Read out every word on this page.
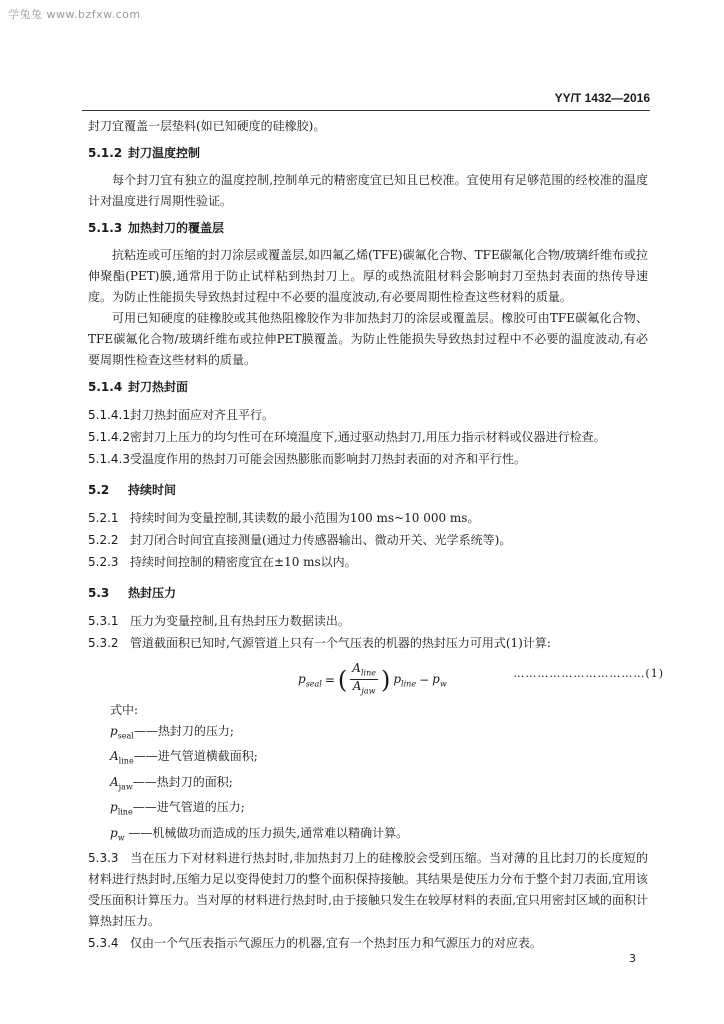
学兔兔 www.bzfxw.com
YY/T 1432—2016

封刀宜覆盖一层垫料(如已知硬度的硅橡胶)。

5.1.2 封刀温度控制

每个封刀宜有独立的温度控制,控制单元的精密度宜已知且已校准。宜使用有足够范围的经校准的温度计对温度进行周期性验证。

5.1.3 加热封刀的覆盖层

抗粘连或可压缩的封刀涂层或覆盖层,如四氟乙烯(TFE)碳氟化合物、TFE碳氟化合物/玻璃纤维布或拉伸聚酯(PET)膜,通常用于防止试样粘到热封刀上。厚的或热流阻材料会影响封刀至热封表面的热传导速度。为防止性能损失导致热封过程中不必要的温度波动,有必要周期性检查这些材料的质量。

可用已知硬度的硅橡胶或其他热阻橡胶作为非加热封刀的涂层或覆盖层。橡胶可由TFE碳氟化合物、TFE碳氟化合物/玻璃纤维布或拉伸PET膜覆盖。为防止性能损失导致热封过程中不必要的温度波动,有必要周期性检查这些材料的质量。

5.1.4 封刀热封面

5.1.4.1封刀热封面应对齐且平行。

5.1.4.2密封刀上压力的均匀性可在环境温度下,通过驱动热封刀,用压力指示材料或仪器进行检查。

5.1.4.3受温度作用的热封刀可能会因热膨胀而影响封刀热封表面的对齐和平行性。

5.2 持续时间

5.2.1 持续时间为变量控制,其读数的最小范围为100 ms~10 000 ms。

5.2.2 封刀闭合时间宜直接测量(通过力传感器输出、微动开关、光学系统等)。

5.2.3 持续时间控制的精密度宜在±10 ms以内。

5.3 热封压力

5.3.1 压力为变量控制,且有热封压力数据读出。

5.3.2 管道截面积已知时,气源管道上只有一个气压表的机器的热封压力可用式(1)计算:

$p_{seal}$ = ( $\frac{A_{line}}{A_{jaw}}$ ) $p_{line} - p_w$
……………………………(1)

式中:

$p_{seal}——$热封刀的压力;

$A_{line}——$进气管道横截面积;

$A_{jaw}——$热封刀的面积;

$p_{line}——$进气管道的压力;

$p_w$ ——机械做功而造成的压力损失,通常难以精确计算。

5.3.3 当在压力下对材料进行热封时,非加热封刀上的硅橡胶会受到压缩。当对薄的且比封刀的长度短的材料进行热封时,压缩力足以变得使封刀的整个面积保持接触。其结果是使压力分布于整个封刀表面,宜用该受压面积计算压力。当对厚的材料进行热封时,由于接触只发生在较厚材料的表面,宜只用密封区域的面积计算热封压力。

5.3.4 仅由一个气压表指示气源压力的机器,宜有一个热封压力和气源压力的对应表。

3
